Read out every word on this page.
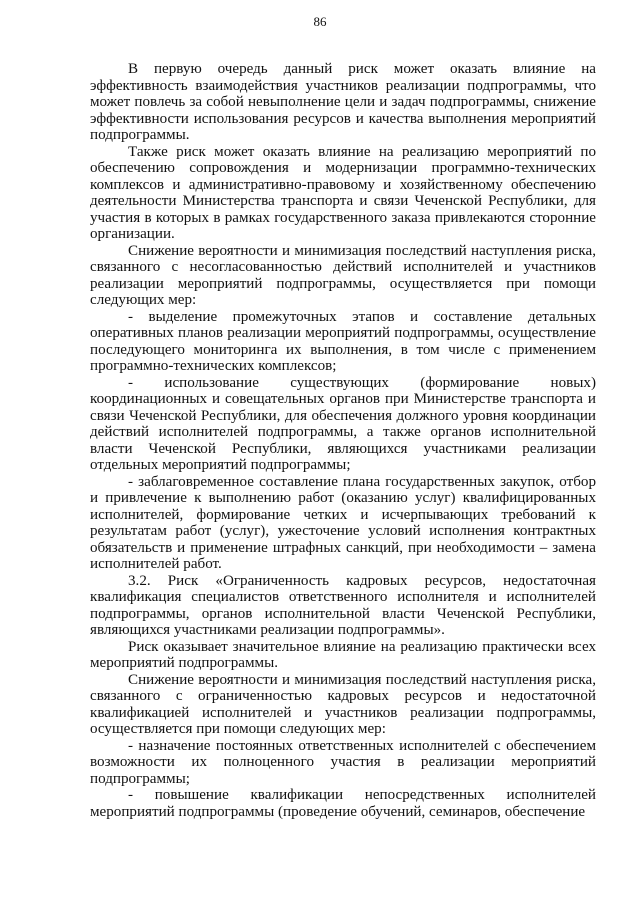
86

В первую очередь данный риск может оказать влияние на эффективность взаимодействия участников реализации подпрограммы, что может повлечь за собой невыполнение цели и задач подпрограммы, снижение эффективности использования ресурсов и качества выполнения мероприятий подпрограммы.

Также риск может оказать влияние на реализацию мероприятий по обеспечению сопровождения и модернизации программно-технических комплексов и административно-правовому и хозяйственному обеспечению деятельности Министерства транспорта и связи Чеченской Республики, для участия в которых в рамках государственного заказа привлекаются сторонние организации.

Снижение вероятности и минимизация последствий наступления риска, связанного с несогласованностью действий исполнителей и участников реализации мероприятий подпрограммы, осуществляется при помощи следующих мер:

- выделение промежуточных этапов и составление детальных оперативных планов реализации мероприятий подпрограммы, осуществление последующего мониторинга их выполнения, в том числе с применением программно-технических комплексов;

- использование существующих (формирование новых) координационных и совещательных органов при Министерстве транспорта и связи Чеченской Республики, для обеспечения должного уровня координации действий исполнителей подпрограммы, а также органов исполнительной власти Чеченской Республики, являющихся участниками реализации отдельных мероприятий подпрограммы;

- заблаговременное составление плана государственных закупок, отбор и привлечение к выполнению работ (оказанию услуг) квалифицированных исполнителей, формирование четких и исчерпывающих требований к результатам работ (услуг), ужесточение условий исполнения контрактных обязательств и применение штрафных санкций, при необходимости – замена исполнителей работ.

3.2. Риск «Ограниченность кадровых ресурсов, недостаточная квалификация специалистов ответственного исполнителя и исполнителей подпрограммы, органов исполнительной власти Чеченской Республики, являющихся участниками реализации подпрограммы».

Риск оказывает значительное влияние на реализацию практически всех мероприятий подпрограммы.

Снижение вероятности и минимизация последствий наступления риска, связанного с ограниченностью кадровых ресурсов и недостаточной квалификацией исполнителей и участников реализации подпрограммы, осуществляется при помощи следующих мер:

- назначение постоянных ответственных исполнителей с обеспечением возможности их полноценного участия в реализации мероприятий подпрограммы;

- повышение квалификации непосредственных исполнителей мероприятий подпрограммы (проведение обучений, семинаров, обеспечение
